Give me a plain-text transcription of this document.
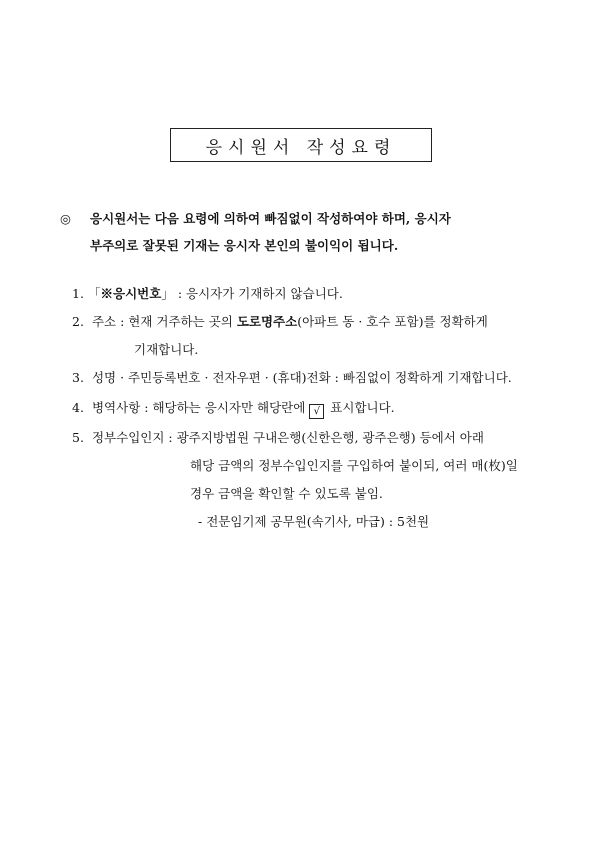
응시원서 작성요령
◎ 응시원서는 다음 요령에 의하여 빠짐없이 작성하여야 하며, 응시자
부주의로 잘못된 기재는 응시자 본인의 불이익이 됩니다.
1. 「※응시번호」 : 응시자가 기재하지 않습니다.
2. 주소 : 현재 거주하는 곳의 도로명주소(아파트 동 · 호수 포함)를 정확하게
기재합니다.
3. 성명 · 주민등록번호 · 전자우편 · (휴대)전화 : 빠짐없이 정확하게 기재합니다.
4. 병역사항 : 해당하는 응시자만 해당란에 √ 표시합니다.
5. 정부수입인지 : 광주지방법원 구내은행(신한은행, 광주은행) 등에서 아래
해당 금액의 정부수입인지를 구입하여 붙이되, 여러 매(枚)일
경우 금액을 확인할 수 있도록 붙임.
- 전문임기제 공무원(속기사, 마급) : 5천원
